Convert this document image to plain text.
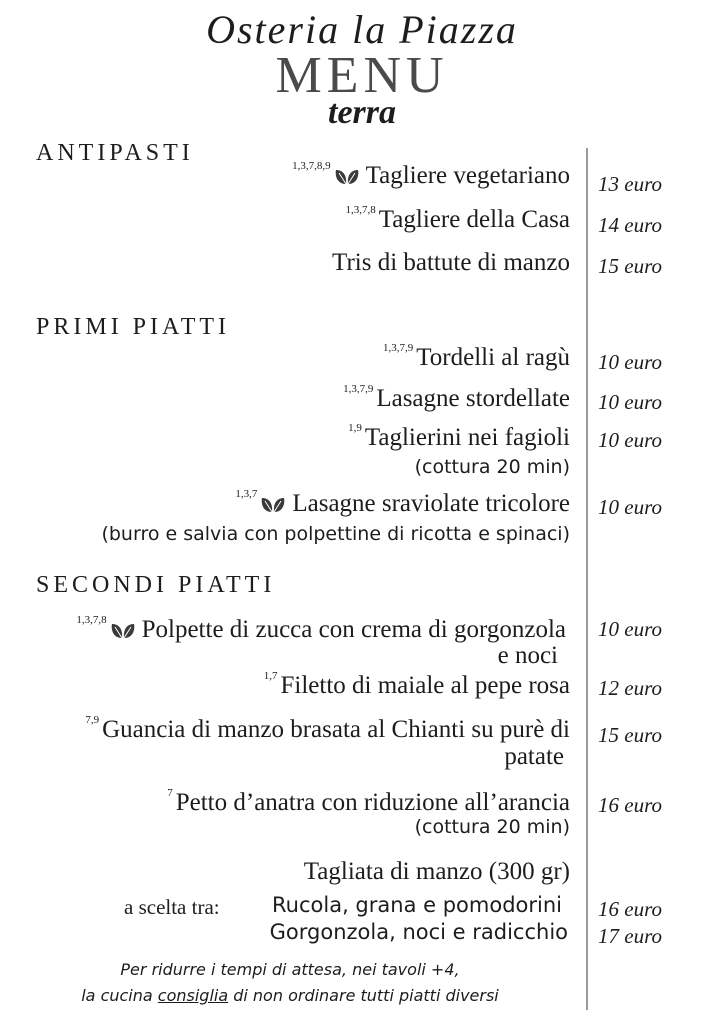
Osteria la Piazza
MENU
terra
ANTIPASTI	$^{1,3,7,8,9}$ Tagliere vegetariano 13 euro
$^{1,3,7,8}$ Tagliere della Casa 14 euro
Tris di battute di manzo 15 euro
PRIMI PIATTI
$^{1,3,7,9}$ Tordelli al ragù 10 euro
$^{1,3,7,9}$ Lasagne stordellate 10 euro
$^{1,9}$ Taglierini nei fagioli
(cottura 20 min)
10 euro
$^{1,3,7}$ Lasagne sraviolate tricolore
(burro e salvia con polpettine di ricotta e spinaci)
10 euro
SECONDI PIATTI
$^{1,3,7,8}$ Polpette di zucca con crema di gorgonzola
e noci
10 euro
$^{1,7}$ Filetto di maiale al pepe rosa 12 euro
$^{7,9}$ Guancia di manzo brasata al Chianti su purè di
patate
15 euro
$^7$ Petto d’anatra con riduzione all’arancia
(cottura 20 min)
16 euro
Tagliata di manzo (300 gr)
a scelta tra: Rucola, grana e pomodorini
Gorgonzola, noci e radicchio
16 euro
17 euro
Per ridurre i tempi di attesa, nei tavoli +4,
la cucina consiglia di non ordinare tutti piatti diversi
